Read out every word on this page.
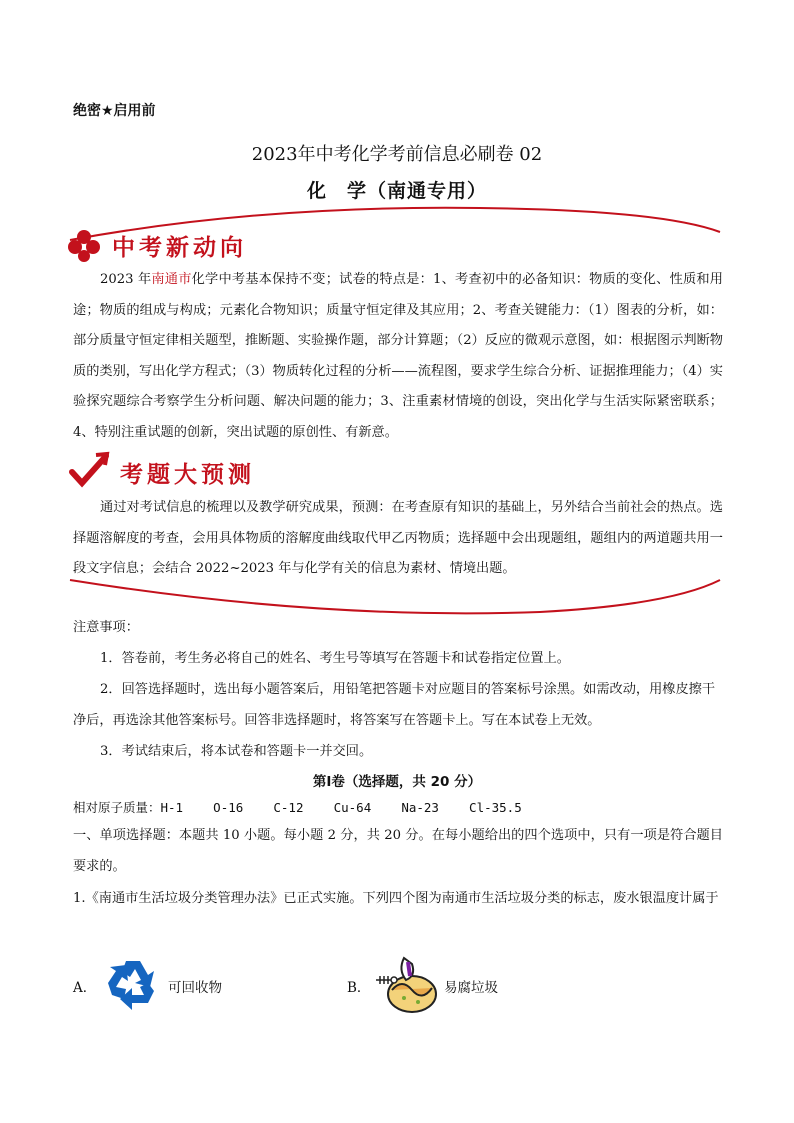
绝密★启用前
2023年中考化学考前信息必刷卷 02
化　学（南通专用）
中考新动向
2023 年南通市化学中考基本保持不变；试卷的特点是：1、考查初中的必备知识：物质的变化、性质和用途；物质的组成与构成；元素化合物知识；质量守恒定律及其应用；2、考查关键能力：（1）图表的分析，如：部分质量守恒定律相关题型，推断题、实验操作题，部分计算题；（2）反应的微观示意图，如：根据图示判断物质的类别，写出化学方程式；（3）物质转化过程的分析——流程图，要求学生综合分析、证据推理能力；（4）实验探究题综合考察学生分析问题、解决问题的能力；3、注重素材情境的创设，突出化学与生活实际紧密联系；4、特别注重试题的创新，突出试题的原创性、有新意。
考题大预测
通过对考试信息的梳理以及教学研究成果，预测：在考查原有知识的基础上，另外结合当前社会的热点。选择题溶解度的考查，会用具体物质的溶解度曲线取代甲乙丙物质；选择题中会出现题组，题组内的两道题共用一段文字信息；会结合 2022~2023 年与化学有关的信息为素材、情境出题。
注意事项：
1．答卷前，考生务必将自己的姓名、考生号等填写在答题卡和试卷指定位置上。
2．回答选择题时，选出每小题答案后，用铅笔把答题卡对应题目的答案标号涂黑。如需改动，用橡皮擦干净后，再选涂其他答案标号。回答非选择题时，将答案写在答题卡上。写在本试卷上无效。
3．考试结束后，将本试卷和答题卡一并交回。
第Ⅰ卷（选择题，共 20 分）
相对原子质量：H-1    O-16    C-12    Cu-64    Na-23    Cl-35.5
一、单项选择题：本题共 10 小题。每小题 2 分，共 20 分。在每小题给出的四个选项中，只有一项是符合题目要求的。
1.《南通市生活垃圾分类管理办法》已正式实施。下列四个图为南通市生活垃圾分类的标志，废水银温度计属于
A．	可回收物	B．	易腐垃圾
